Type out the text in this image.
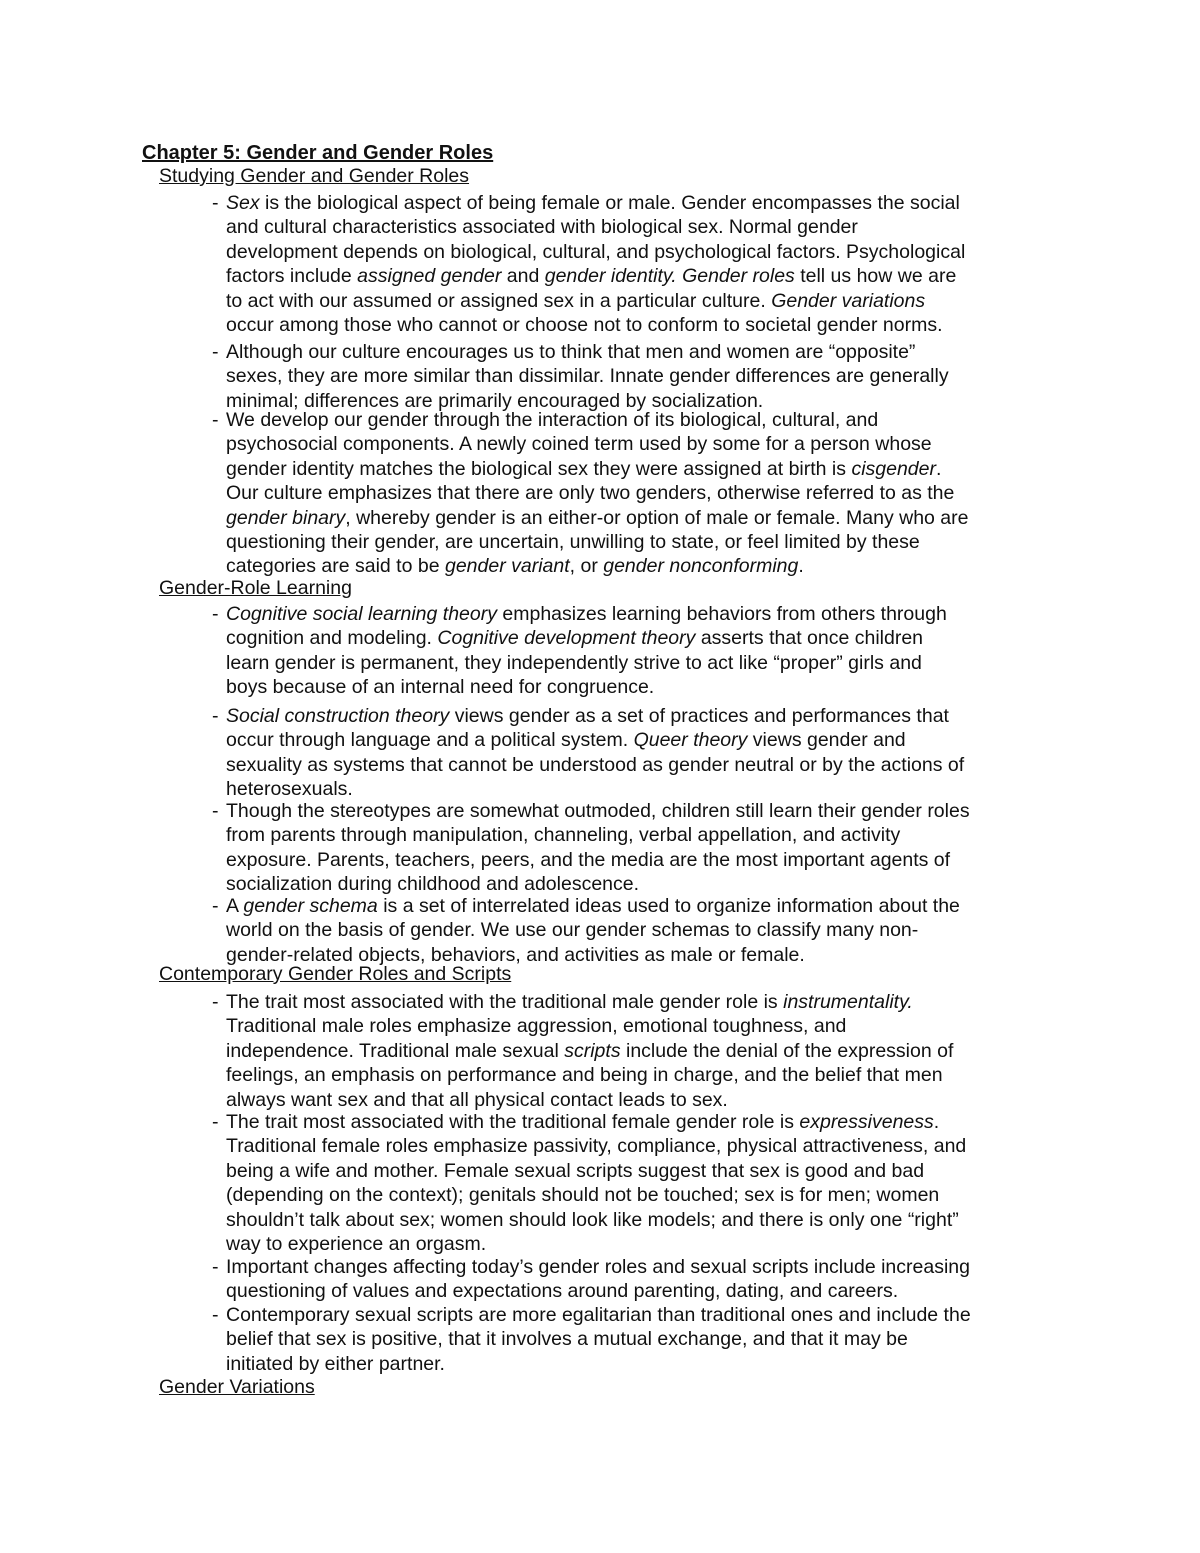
Chapter 5: Gender and Gender Roles
Studying Gender and Gender Roles
- Sex is the biological aspect of being female or male. Gender encompasses the social
and cultural characteristics associated with biological sex. Normal gender
development depends on biological, cultural, and psychological factors. Psychological
factors include assigned gender and gender identity. Gender roles tell us how we are
to act with our assumed or assigned sex in a particular culture. Gender variations
occur among those who cannot or choose not to conform to societal gender norms.
- Although our culture encourages us to think that men and women are “opposite”
sexes, they are more similar than dissimilar. Innate gender differences are generally
minimal; differences are primarily encouraged by socialization.
- We develop our gender through the interaction of its biological, cultural, and
psychosocial components. A newly coined term used by some for a person whose
gender identity matches the biological sex they were assigned at birth is cisgender.
Our culture emphasizes that there are only two genders, otherwise referred to as the
gender binary, whereby gender is an either-or option of male or female. Many who are
questioning their gender, are uncertain, unwilling to state, or feel limited by these
categories are said to be gender variant, or gender nonconforming.
Gender-Role Learning
- Cognitive social learning theory emphasizes learning behaviors from others through
cognition and modeling. Cognitive development theory asserts that once children
learn gender is permanent, they independently strive to act like “proper” girls and
boys because of an internal need for congruence.
- Social construction theory views gender as a set of practices and performances that
occur through language and a political system. Queer theory views gender and
sexuality as systems that cannot be understood as gender neutral or by the actions of
heterosexuals.
- Though the stereotypes are somewhat outmoded, children still learn their gender roles
from parents through manipulation, channeling, verbal appellation, and activity
exposure. Parents, teachers, peers, and the media are the most important agents of
socialization during childhood and adolescence.
- A gender schema is a set of interrelated ideas used to organize information about the
world on the basis of gender. We use our gender schemas to classify many non-
gender-related objects, behaviors, and activities as male or female.
Contemporary Gender Roles and Scripts
- The trait most associated with the traditional male gender role is instrumentality.
Traditional male roles emphasize aggression, emotional toughness, and
independence. Traditional male sexual scripts include the denial of the expression of
feelings, an emphasis on performance and being in charge, and the belief that men
always want sex and that all physical contact leads to sex.
- The trait most associated with the traditional female gender role is expressiveness.
Traditional female roles emphasize passivity, compliance, physical attractiveness, and
being a wife and mother. Female sexual scripts suggest that sex is good and bad
(depending on the context); genitals should not be touched; sex is for men; women
shouldn’t talk about sex; women should look like models; and there is only one “right”
way to experience an orgasm.
- Important changes affecting today’s gender roles and sexual scripts include increasing
questioning of values and expectations around parenting, dating, and careers.
- Contemporary sexual scripts are more egalitarian than traditional ones and include the
belief that sex is positive, that it involves a mutual exchange, and that it may be
initiated by either partner.
Gender Variations
